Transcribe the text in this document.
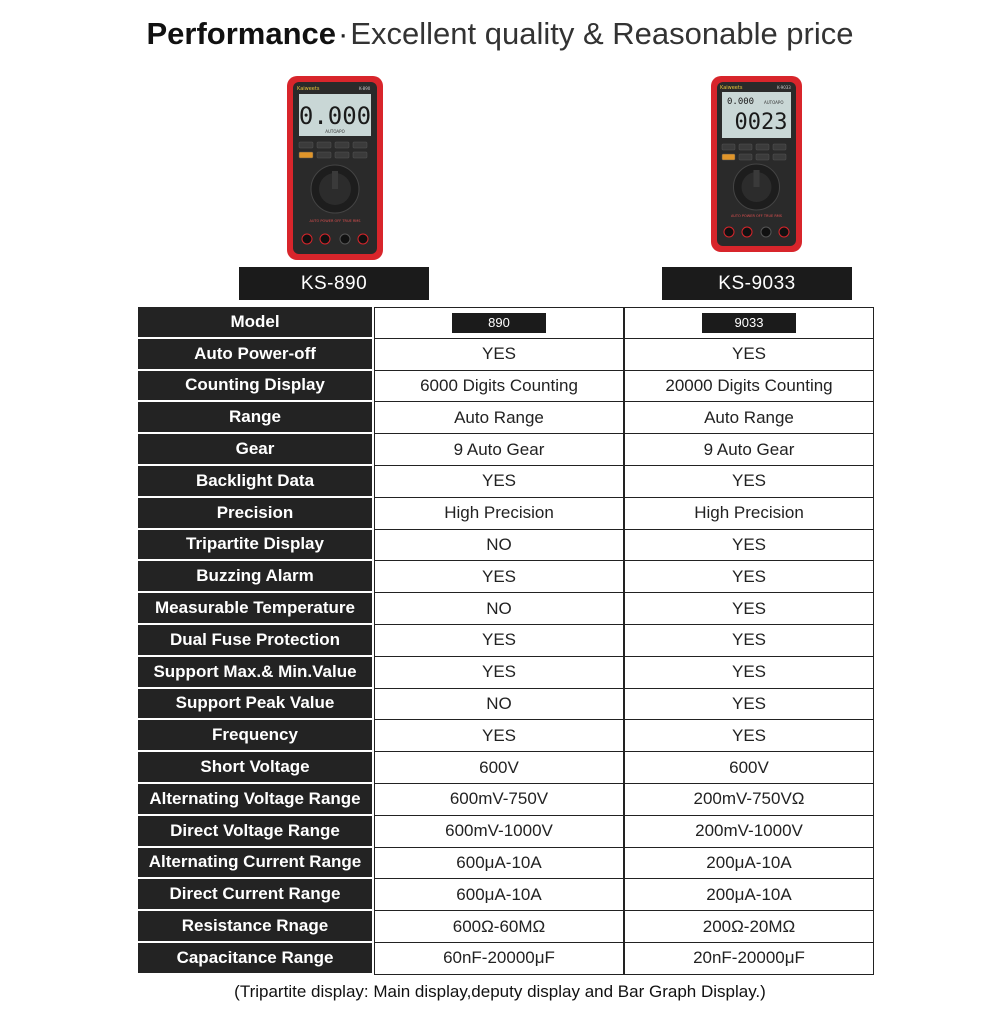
Performance·Excellent quality & Reasonable price
Kaiweets	K-890
0.000
AUTOAPO
AUTO POWER OFF TRUE RMS
Kaiweets	K-9033
0.000 AUTOAPO
0023
AUTO POWER OFF TRUE RMS
KS-890	KS-9033
Model	890	9033
Auto Power-off	YES	YES
Counting Display	6000 Digits Counting	20000 Digits Counting
Range	Auto Range	Auto Range
Gear	9 Auto Gear	9 Auto Gear
Backlight Data	YES	YES
Precision	High Precision	High Precision
Tripartite Display	NO	YES
Buzzing Alarm	YES	YES
Measurable Temperature	NO	YES
Dual Fuse Protection	YES	YES
Support Max.& Min.Value	YES	YES
Support Peak Value	NO	YES
Frequency	YES	YES
Short Voltage	600V	600V
Alternating Voltage Range	600mV-750V	200mV-750VΩ
Direct Voltage Range	600mV-1000V	200mV-1000V
Alternating Current Range	600μA-10A	200μA-10A
Direct Current Range	600μA-10A	200μA-10A
Resistance Rnage	600Ω-60MΩ	200Ω-20MΩ
Capacitance Range	60nF-20000μF	20nF-20000μF
(Tripartite display: Main display,deputy display and Bar Graph Display.)
